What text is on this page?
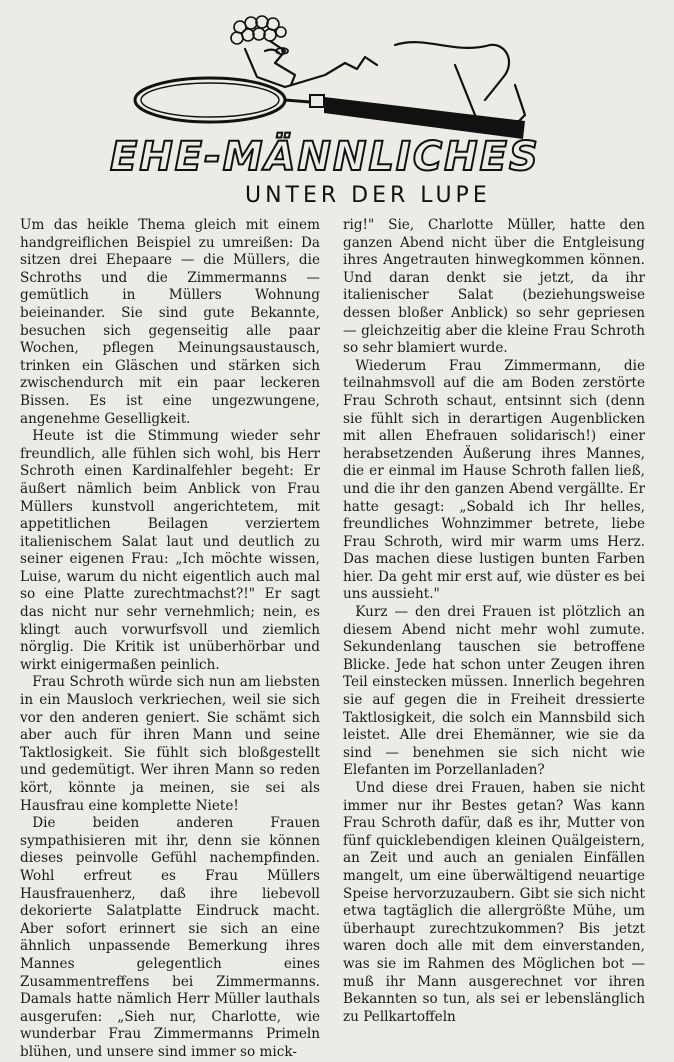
EHE-MÄNNLICHES
UNTER DER LUPE

Um das heikle Thema gleich mit einem handgreiflichen Beispiel zu umreißen: Da sitzen drei Ehepaare — die Müllers, die Schroths und die Zimmermanns — gemütlich in Müllers Wohnung beieinander. Sie sind gute Bekannte, besuchen sich gegenseitig alle paar Wochen, pflegen Meinungsaustausch, trinken ein Gläschen und stärken sich zwischendurch mit ein paar leckeren Bissen. Es ist eine ungezwungene, angenehme Geselligkeit.

Heute ist die Stimmung wieder sehr freundlich, alle fühlen sich wohl, bis Herr Schroth einen Kardinalfehler begeht: Er äußert nämlich beim Anblick von Frau Müllers kunstvoll angerichtetem, mit appetitlichen Beilagen verziertem italienischem Salat laut und deutlich zu seiner eigenen Frau: „Ich möchte wissen, Luise, warum du nicht eigentlich auch mal so eine Platte zurechtmachst?!" Er sagt das nicht nur sehr vernehmlich; nein, es klingt auch vorwurfsvoll und ziemlich nörglig. Die Kritik ist unüberhörbar und wirkt einigermaßen peinlich.

Frau Schroth würde sich nun am liebsten in ein Mausloch verkriechen, weil sie sich vor den anderen geniert. Sie schämt sich aber auch für ihren Mann und seine Taktlosigkeit. Sie fühlt sich bloßgestellt und gedemütigt. Wer ihren Mann so reden kört, könnte ja meinen, sie sei als Hausfrau eine komplette Niete!

Die beiden anderen Frauen sympathisieren mit ihr, denn sie können dieses peinvolle Gefühl nachempfinden. Wohl erfreut es Frau Müllers Hausfrauenherz, daß ihre liebevoll dekorierte Salatplatte Eindruck macht. Aber sofort erinnert sie sich an eine ähnlich unpassende Bemerkung ihres Mannes gelegentlich eines Zusammentreffens bei Zimmermanns. Damals hatte nämlich Herr Müller lauthals ausgerufen: „Sieh nur, Charlotte, wie wunderbar Frau Zimmermanns Primeln blühen, und unsere sind immer so mick-

rig!" Sie, Charlotte Müller, hatte den ganzen Abend nicht über die Entgleisung ihres Angetrauten hinwegkommen können. Und daran denkt sie jetzt, da ihr italienischer Salat (beziehungsweise dessen bloßer Anblick) so sehr gepriesen — gleichzeitig aber die kleine Frau Schroth so sehr blamiert wurde.

Wiederum Frau Zimmermann, die teilnahmsvoll auf die am Boden zerstörte Frau Schroth schaut, entsinnt sich (denn sie fühlt sich in derartigen Augenblicken mit allen Ehefrauen solidarisch!) einer herabsetzenden Äußerung ihres Mannes, die er einmal im Hause Schroth fallen ließ, und die ihr den ganzen Abend vergällte. Er hatte gesagt: „Sobald ich Ihr helles, freundliches Wohnzimmer betrete, liebe Frau Schroth, wird mir warm ums Herz. Das machen diese lustigen bunten Farben hier. Da geht mir erst auf, wie düster es bei uns aussieht."

Kurz — den drei Frauen ist plötzlich an diesem Abend nicht mehr wohl zumute. Sekundenlang tauschen sie betroffene Blicke. Jede hat schon unter Zeugen ihren Teil einstecken müssen. Innerlich begehren sie auf gegen die in Freiheit dressierte Taktlosigkeit, die solch ein Mannsbild sich leistet. Alle drei Ehemänner, wie sie da sind — benehmen sie sich nicht wie Elefanten im Porzellanladen?

Und diese drei Frauen, haben sie nicht immer nur ihr Bestes getan? Was kann Frau Schroth dafür, daß es ihr, Mutter von fünf quicklebendigen kleinen Quälgeistern, an Zeit und auch an genialen Einfällen mangelt, um eine überwältigend neuartige Speise hervorzuzaubern. Gibt sie sich nicht etwa tagtäglich die allergrößte Mühe, um überhaupt zurechtzukommen? Bis jetzt waren doch alle mit dem einverstanden, was sie im Rahmen des Möglichen bot — muß ihr Mann ausgerechnet vor ihren Bekannten so tun, als sei er lebenslänglich zu Pellkartoffeln
